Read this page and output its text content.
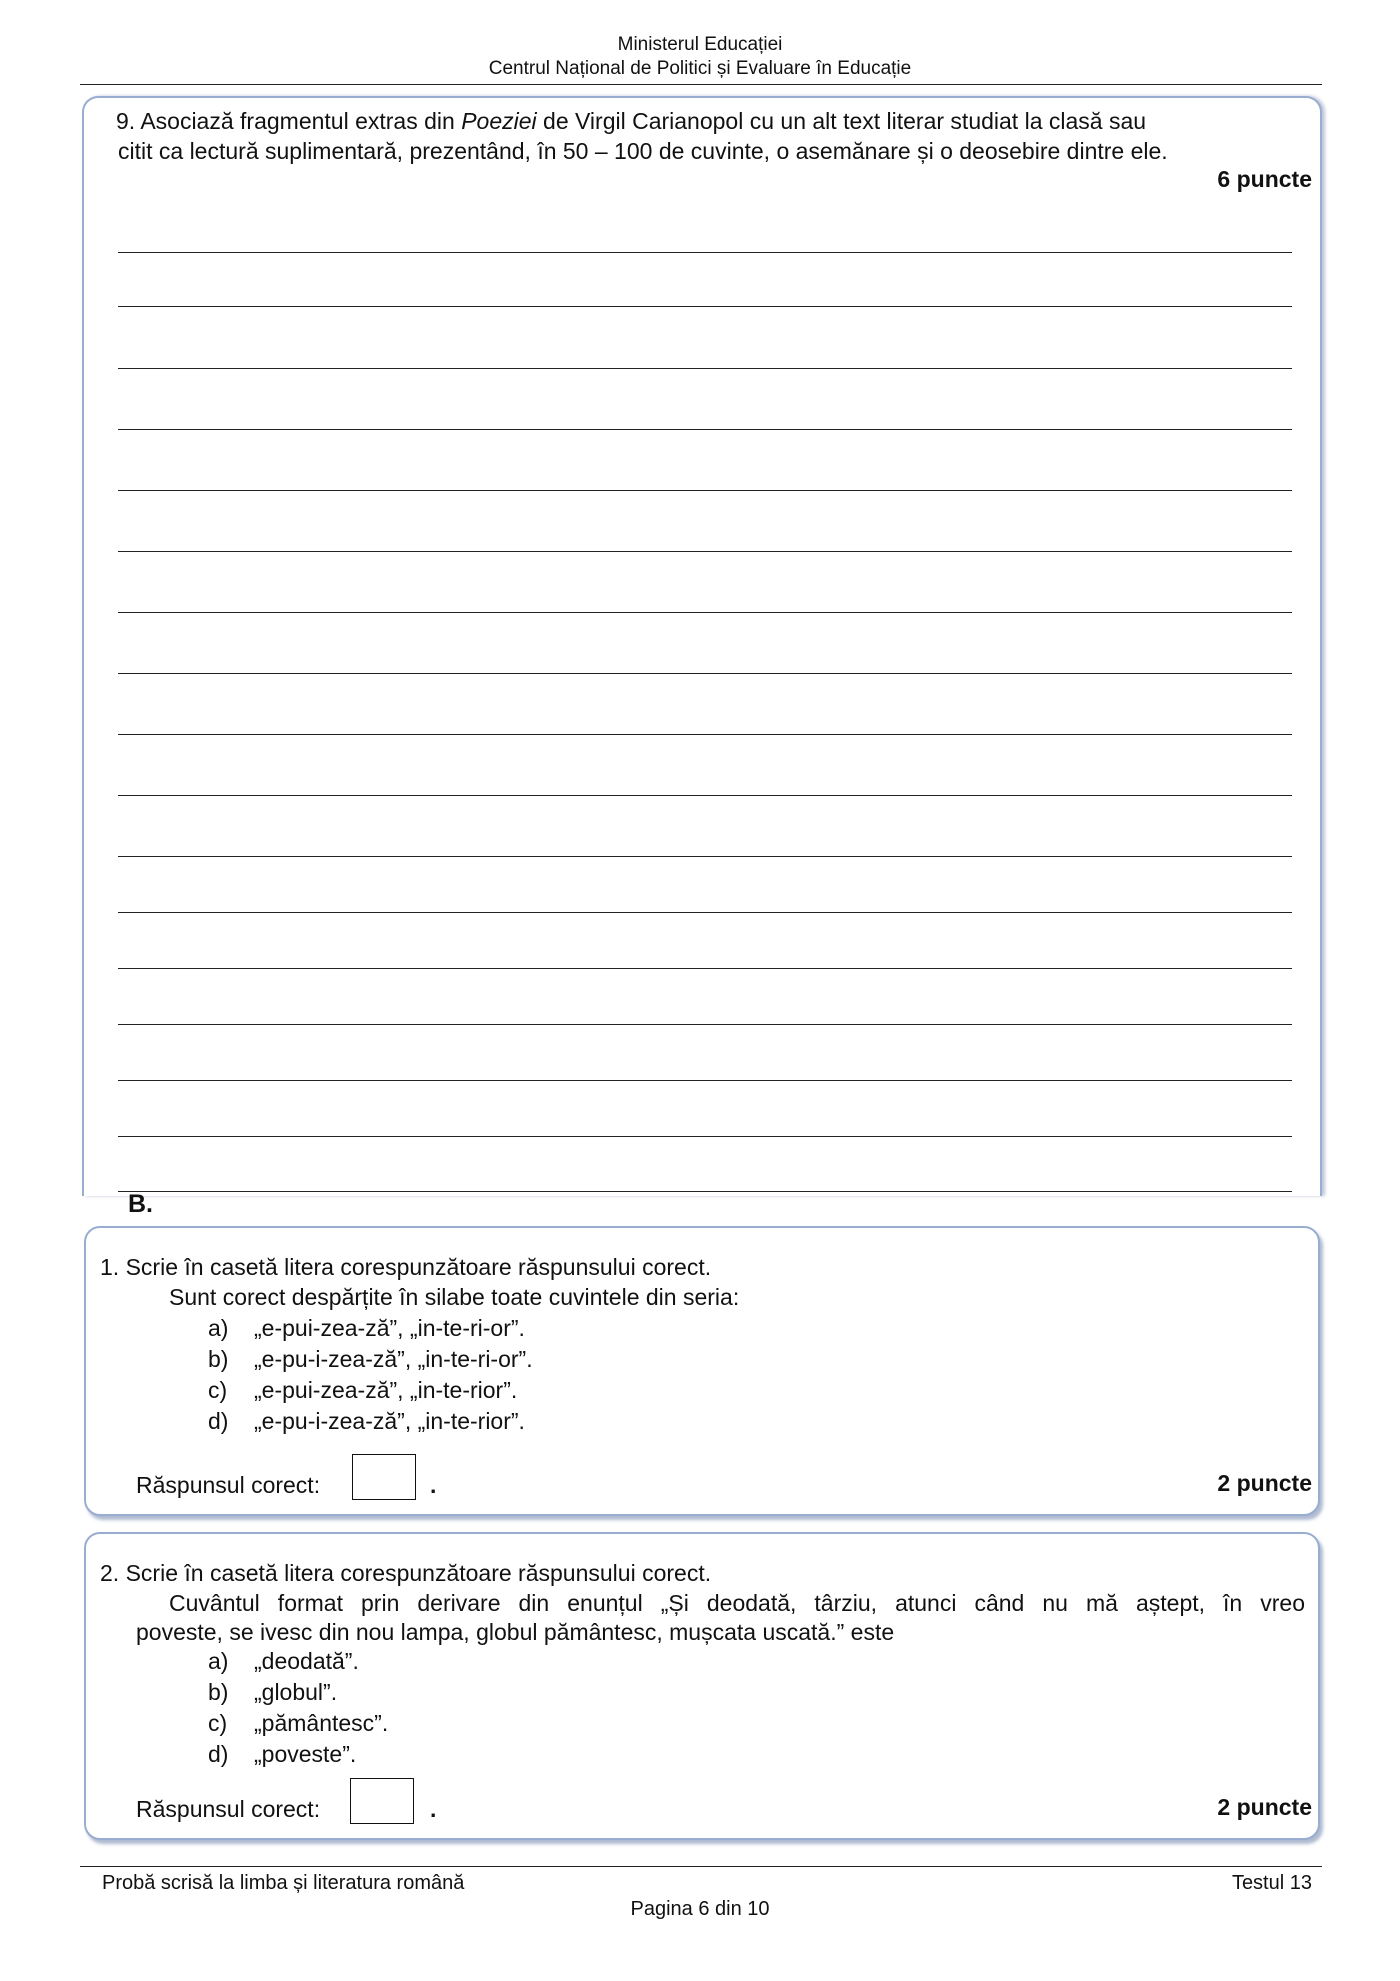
Ministerul Educației
Centrul Național de Politici și Evaluare în Educație
9. Asociază fragmentul extras din Poeziei de Virgil Carianopol cu un alt text literar studiat la clasă sau
citit ca lectură suplimentară, prezentând, în 50 – 100 de cuvinte, o asemănare și o deosebire dintre ele.
6 puncte
B.
1. Scrie în casetă litera corespunzătoare răspunsului corect.
Sunt corect despărțite în silabe toate cuvintele din seria:
a) „e-pui-zea-ză”, „in-te-ri-or”.
b) „e-pu-i-zea-ză”, „in-te-ri-or”.
c) „e-pui-zea-ză”, „in-te-rior”.
d) „e-pu-i-zea-ză”, „in-te-rior”.
Răspunsul corect:	.	2 puncte
2. Scrie în casetă litera corespunzătoare răspunsului corect.
Cuvântul format prin derivare din enunțul „Și deodată, târziu, atunci când nu mă aștept, în vreo
poveste, se ivesc din nou lampa, globul pământesc, mușcata uscată.” este
a) „deodată”.
b) „globul”.
c) „pământesc”.
d) „poveste”.
Răspunsul corect:	.	2 puncte
Probă scrisă la limba și literatura română	Testul 13
Pagina 6 din 10
